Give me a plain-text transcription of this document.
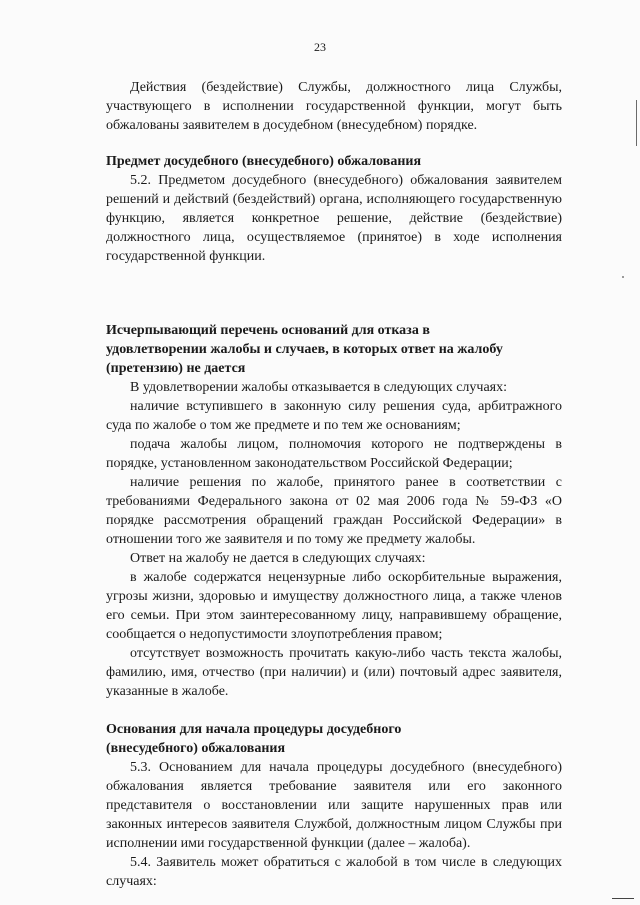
23

Действия (бездействие) Службы, должностного лица Службы, участвующего в исполнении государственной функции, могут быть обжалованы заявителем в досудебном (внесудебном) порядке.

Предмет досудебного (внесудебного) обжалования

5.2. Предметом досудебного (внесудебного) обжалования заявителем решений и действий (бездействий) органа, исполняющего государственную функцию, является конкретное решение, действие (бездействие) должностного лица, осуществляемое (принятое) в ходе исполнения государственной функции.

Исчерпывающий перечень оснований для отказа в

удовлетворении жалобы и случаев, в которых ответ на жалобу

(претензию) не дается

В удовлетворении жалобы отказывается в следующих случаях:

наличие вступившего в законную силу решения суда, арбитражного суда по жалобе о том же предмете и по тем же основаниям;

подача жалобы лицом, полномочия которого не подтверждены в порядке, установленном законодательством Российской Федерации;

наличие решения по жалобе, принятого ранее в соответствии с требованиями Федерального закона от 02 мая 2006 года № 59-ФЗ «О порядке рассмотрения обращений граждан Российской Федерации» в отношении того же заявителя и по тому же предмету жалобы.

Ответ на жалобу не дается в следующих случаях:

в жалобе содержатся нецензурные либо оскорбительные выражения, угрозы жизни, здоровью и имуществу должностного лица, а также членов его семьи. При этом заинтересованному лицу, направившему обращение, сообщается о недопустимости злоупотребления правом;

отсутствует возможность прочитать какую-либо часть текста жалобы, фамилию, имя, отчество (при наличии) и (или) почтовый адрес заявителя, указанные в жалобе.

Основания для начала процедуры досудебного

(внесудебного) обжалования

5.3. Основанием для начала процедуры досудебного (внесудебного) обжалования является требование заявителя или его законного представителя о восстановлении или защите нарушенных прав или законных интересов заявителя Службой, должностным лицом Службы при исполнении ими государственной функции (далее – жалоба).

5.4. Заявитель может обратиться с жалобой в том числе в следующих случаях:
